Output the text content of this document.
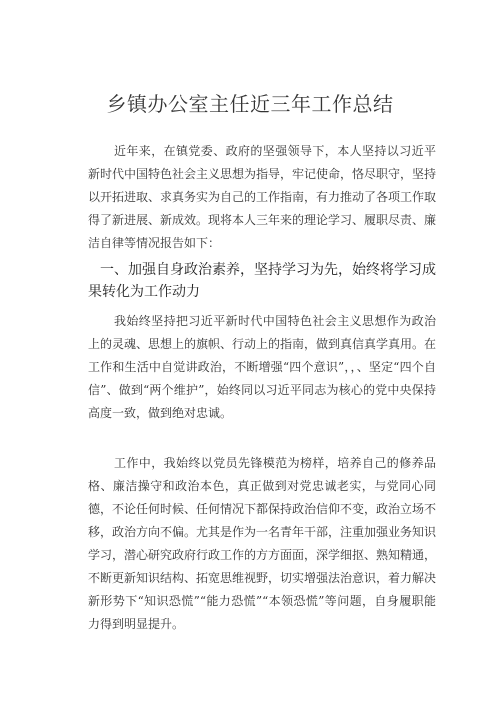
乡镇办公室主任近三年工作总结
近年来，在镇党委、政府的坚强领导下，本人坚持以习近平新时代中国特色社会主义思想为指导，牢记使命，恪尽职守，坚持以开拓进取、求真务实为自己的工作指南，有力推动了各项工作取得了新进展、新成效。现将本人三年来的理论学习、履职尽责、廉洁自律等情况报告如下：
一、加强自身政治素养，坚持学习为先，始终将学习成果转化为工作动力
我始终坚持把习近平新时代中国特色社会主义思想作为政治上的灵魂、思想上的旗帜、行动上的指南，做到真信真学真用。在工作和生活中自觉讲政治，不断增强“四个意识”，，、坚定“四个自信”、做到“两个维护”，始终同以习近平同志为核心的党中央保持高度一致，做到绝对忠诚。
工作中，我始终以党员先锋模范为榜样，培养自己的修养品格、廉洁操守和政治本色，真正做到对党忠诚老实，与党同心同德，不论任何时候、任何情况下都保持政治信仰不变，政治立场不移，政治方向不偏。尤其是作为一名青年干部，注重加强业务知识学习，潜心研究政府行政工作的方方面面，深学细抠、熟知精通，不断更新知识结构、拓宽思维视野，切实增强法治意识，着力解决新形势下“知识恐慌”“能力恐慌”“本领恐慌”等问题，自身履职能力得到明显提升。
